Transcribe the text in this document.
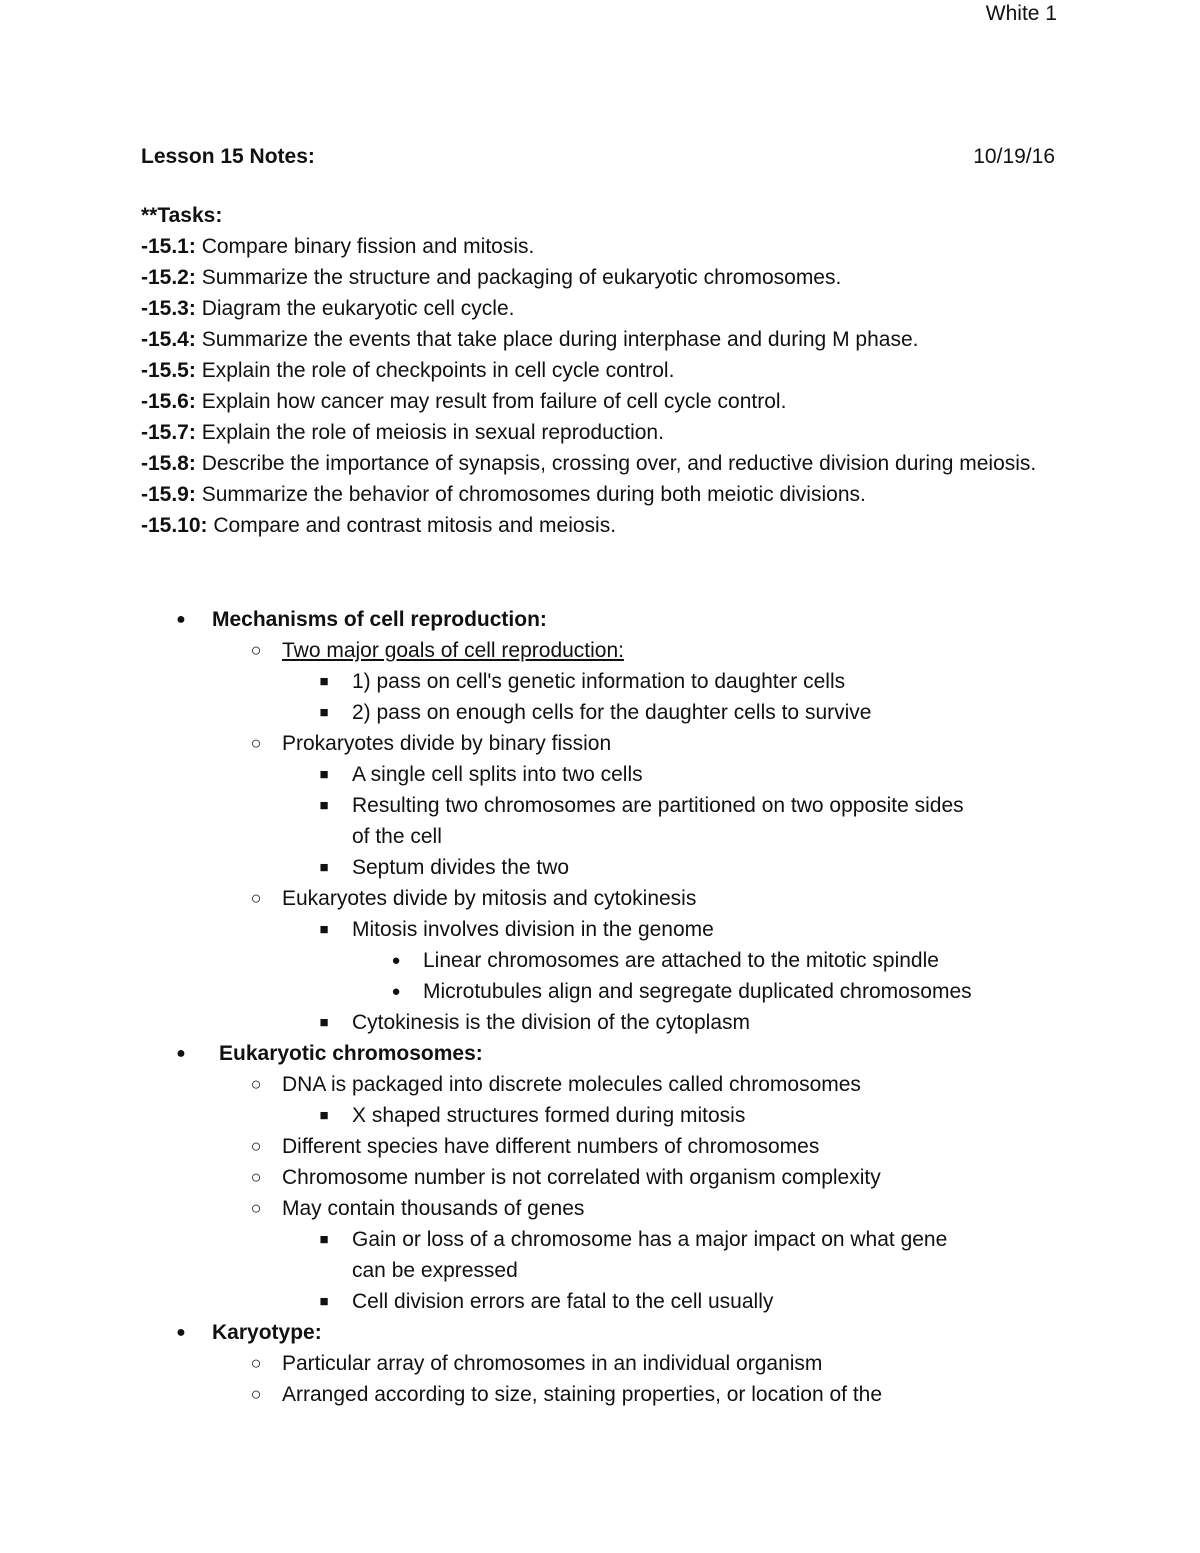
White 1
Lesson 15 Notes:	10/19/16
**Tasks:
-15.1: Compare binary fission and mitosis.
-15.2: Summarize the structure and packaging of eukaryotic chromosomes.
-15.3: Diagram the eukaryotic cell cycle.
-15.4: Summarize the events that take place during interphase and during M phase.
-15.5: Explain the role of checkpoints in cell cycle control.
-15.6: Explain how cancer may result from failure of cell cycle control.
-15.7: Explain the role of meiosis in sexual reproduction.
-15.8: Describe the importance of synapsis, crossing over, and reductive division during meiosis.
-15.9: Summarize the behavior of chromosomes during both meiotic divisions.
-15.10: Compare and contrast mitosis and meiosis.
● Mechanisms of cell reproduction:
○ Two major goals of cell reproduction:
■ 1) pass on cell's genetic information to daughter cells
■ 2) pass on enough cells for the daughter cells to survive
○ Prokaryotes divide by binary fission
■ A single cell splits into two cells
■ Resulting two chromosomes are partitioned on two opposite sides
of the cell
■ Septum divides the two
○ Eukaryotes divide by mitosis and cytokinesis
■ Mitosis involves division in the genome
● Linear chromosomes are attached to the mitotic spindle
● Microtubules align and segregate duplicated chromosomes
■ Cytokinesis is the division of the cytoplasm
● Eukaryotic chromosomes:
○ DNA is packaged into discrete molecules called chromosomes
■ X shaped structures formed during mitosis
○ Different species have different numbers of chromosomes
○ Chromosome number is not correlated with organism complexity
○ May contain thousands of genes
■ Gain or loss of a chromosome has a major impact on what gene
can be expressed
■ Cell division errors are fatal to the cell usually
● Karyotype:
○ Particular array of chromosomes in an individual organism
○ Arranged according to size, staining properties, or location of the
